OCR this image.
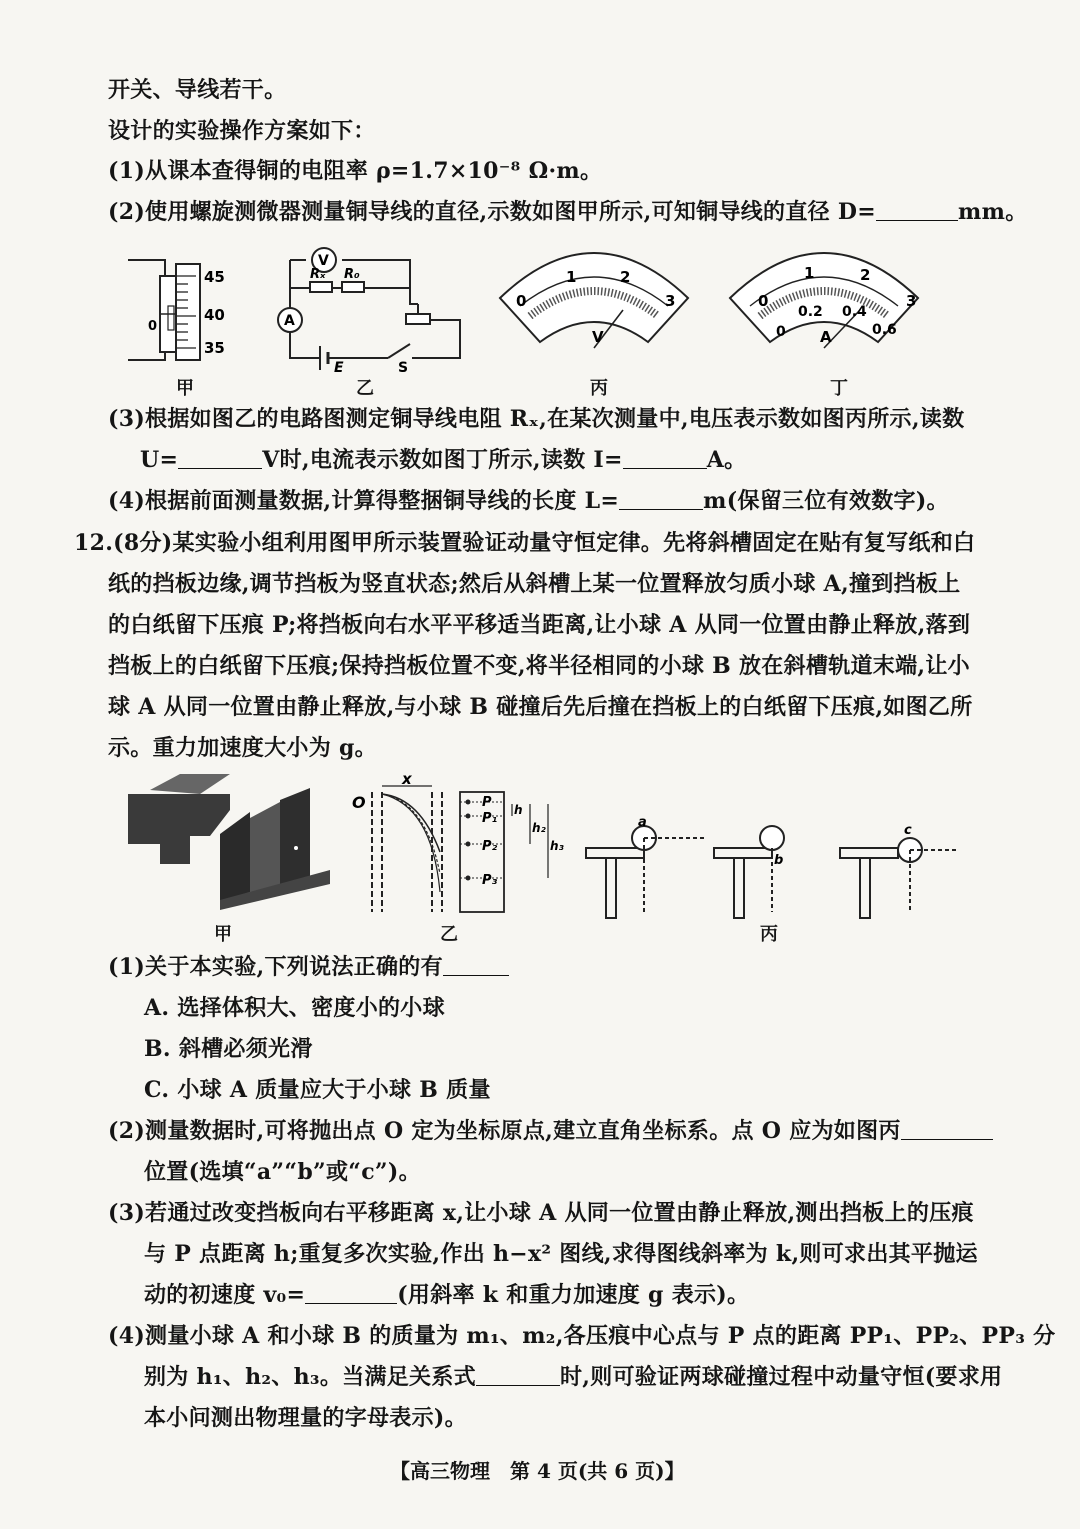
开关、导线若干。
设计的实验操作方案如下：
(1)从课本查得铜的电阻率 ρ=1.7×10⁻⁸ Ω·m。
(2)使用螺旋测微器测量铜导线的直径,示数如图甲所示,可知铜导线的直径 D=	mm。
45
40
35
0
V
Rₓ R₀
A
E	S
0
1	2
3
V
0
1	2
3
0
0.2 0.4
0.6
A
甲	乙	丙	丁
(3)根据如图乙的电路图测定铜导线电阻 Rₓ,在某次测量中,电压表示数如图丙所示,读数
U=	V时,电流表示数如图丁所示,读数 I=	A。
(4)根据前面测量数据,计算得整捆铜导线的长度 L=	m(保留三位有效数字)。
12.(8分)某实验小组利用图甲所示装置验证动量守恒定律。先将斜槽固定在贴有复写纸和白
纸的挡板边缘,调节挡板为竖直状态;然后从斜槽上某一位置释放匀质小球 A,撞到挡板上
的白纸留下压痕 P;将挡板向右水平平移适当距离,让小球 A 从同一位置由静止释放,落到
挡板上的白纸留下压痕;保持挡板位置不变,将半径相同的小球 B 放在斜槽轨道末端,让小
球 A 从同一位置由静止释放,与小球 B 碰撞后先后撞在挡板上的白纸留下压痕,如图乙所
示。重力加速度大小为 g。
O
x
P
P₁
P₂
P₃
h
h₂
h₃
a
b
c
甲	乙	丙
(1)关于本实验,下列说法正确的有
A. 选择体积大、密度小的小球
B. 斜槽必须光滑
C. 小球 A 质量应大于小球 B 质量
(2)测量数据时,可将抛出点 O 定为坐标原点,建立直角坐标系。点 O 应为如图丙
位置(选填“a”“b”或“c”)。
(3)若通过改变挡板向右平移距离 x,让小球 A 从同一位置由静止释放,测出挡板上的压痕
与 P 点距离 h;重复多次实验,作出 h−x² 图线,求得图线斜率为 k,则可求出其平抛运
动的初速度 v₀=	(用斜率 k 和重力加速度 g 表示)。
(4)测量小球 A 和小球 B 的质量为 m₁、m₂,各压痕中心点与 P 点的距离 PP₁、PP₂、PP₃ 分
别为 h₁、h₂、h₃。当满足关系式	时,则可验证两球碰撞过程中动量守恒(要求用
本小问测出物理量的字母表示)。
【高三物理　第 4 页(共 6 页)】
